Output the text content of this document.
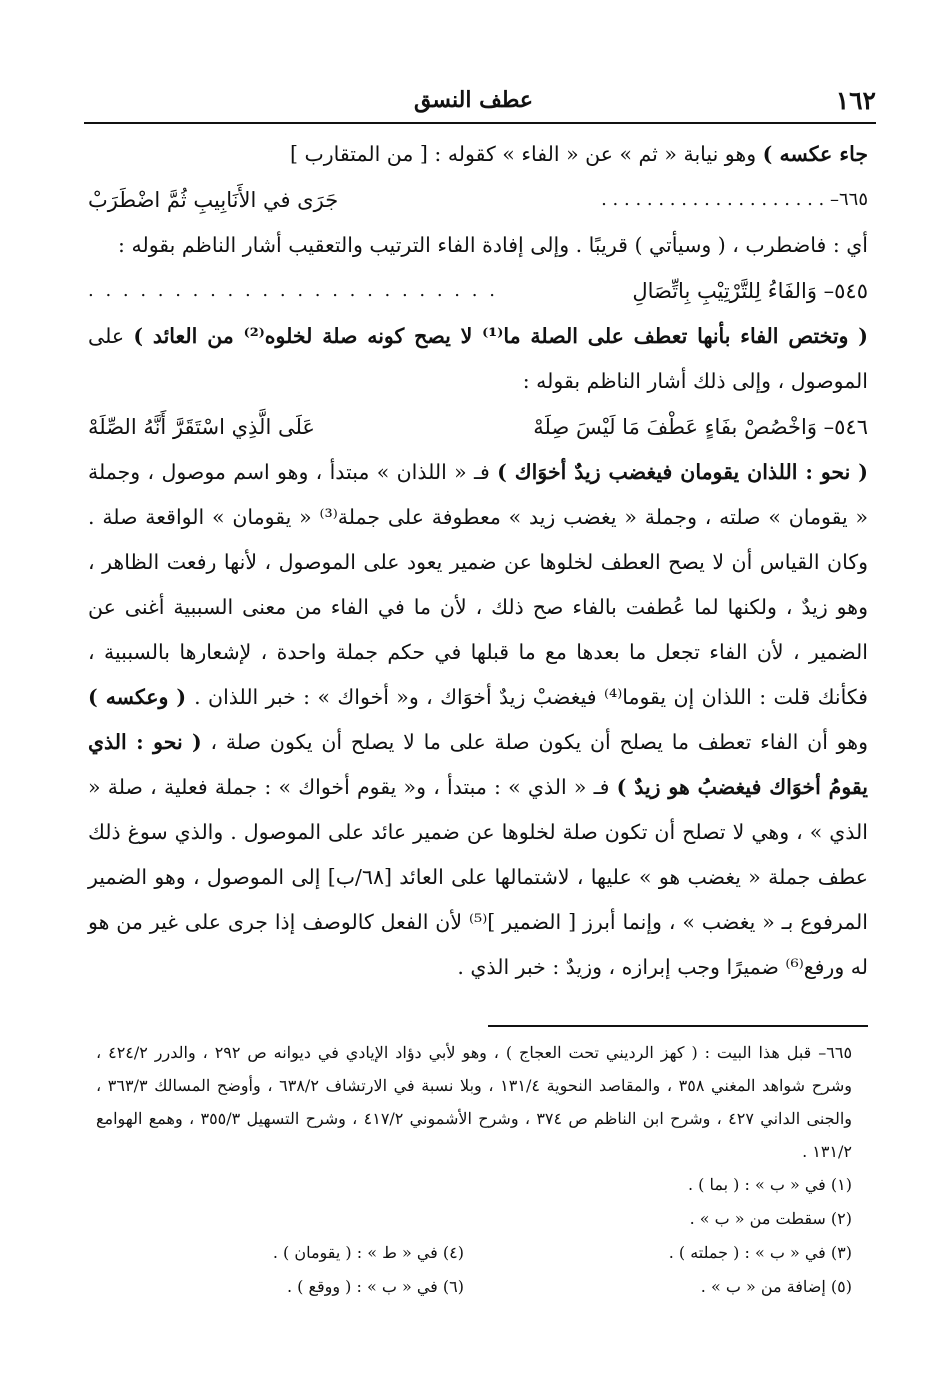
١٦٢
عطف النسق

جاء عكسه ) وهو نيابة « ثم » عن « الفاء » كقوله : [ من المتقارب ]

٦٦٥– . . . . . . . . . . . . . . . . . . . .
جَرَى في الأَنَابِيبِ ثُمَّ اضْطَرَبْ

أي : فاضطرب ، ( وسيأتي ) قريبًا . وإلى إفادة الفاء الترتيب والتعقيب أشار الناظم بقوله :

٥٤٥– وَالفَاءُ لِلتَّرْتِيْبِ بِاتِّصَالِ
. . . . . . . . . . . . . . . . . . . . . . . .

( وتختص الفاء بأنها تعطف على الصلة ما⁽¹⁾ لا يصح كونه صلة لخلوه⁽²⁾ من العائد ) على الموصول ، وإلى ذلك أشار الناظم بقوله :

٥٤٦– وَاخْصُصْ بفَاءٍ عَطْفَ مَا لَيْسَ صِلَهْ
عَلَى الَّذِي اسْتَقَرَّ أَنَّهُ الصِّلَهْ

( نحو : اللذان يقومان فيغضب زيدٌ أخوَاك ) فـ « اللذان » مبتدأ ، وهو اسم موصول ، وجملة « يقومان » صلته ، وجملة « يغضب زيد » معطوفة على جملة⁽³⁾ « يقومان » الواقعة صلة . وكان القياس أن لا يصح العطف لخلوها عن ضمير يعود على الموصول ، لأنها رفعت الظاهر ، وهو زيدٌ ، ولكنها لما عُطفت بالفاء صح ذلك ، لأن ما في الفاء من معنى السببية أغنى عن الضمير ، لأن الفاء تجعل ما بعدها مع ما قبلها في حكم جملة واحدة ، لإشعارها بالسببية ، فكأنك قلت : اللذان إن يقوما⁽⁴⁾ فيغضبْ زيدٌ أخوَاك ، و« أخواك » : خبر اللذان . ( وعكسه ) وهو أن الفاء تعطف ما يصلح أن يكون صلة على ما لا يصلح أن يكون صلة ، ( نحو : الذي يقومُ أخوَاك فيغضبُ هو زيدٌ ) فـ « الذي » : مبتدأ ، و« يقوم أخواك » : جملة فعلية ، صلة « الذي » ، وهي لا تصلح أن تكون صلة لخلوها عن ضمير عائد على الموصول . والذي سوغ ذلك عطف جملة « يغضب هو » عليها ، لاشتمالها على العائد [٦٨/ب] إلى الموصول ، وهو الضمير المرفوع بـ « يغضب » ، وإنما أبرز [ الضمير ]⁽⁵⁾ لأن الفعل كالوصف إذا جرى على غير من هو له ورفع⁽⁶⁾ ضميرًا وجب إبرازه ، وزيدٌ : خبر الذي .

٦٦٥– قبل هذا البيت : ( كهز الرديني تحت العجاج ) ، وهو لأبي دؤاد الإيادي في ديوانه ص ٢٩٢ ، والدرر ٤٢٤/٢ ، وشرح شواهد المغني ٣٥٨ ، والمقاصد النحوية ١٣١/٤ ، وبلا نسبة في الارتشاف ٦٣٨/٢ ، وأوضح المسالك ٣٦٣/٣ ، والجنى الداني ٤٢٧ ، وشرح ابن الناظم ص ٣٧٤ ، وشرح الأشموني ٤١٧/٢ ، وشرح التسهيل ٣٥٥/٣ ، وهمع الهوامع ١٣١/٢ .

(١) في « ب » : ( بما ) .
(٢) سقطت من « ب » .
(٣) في « ب » : ( جملته ) .
(٤) في « ط » : ( يقومان ) .
(٥) إضافة من « ب » .
(٦) في « ب » : ( ووقع ) .
